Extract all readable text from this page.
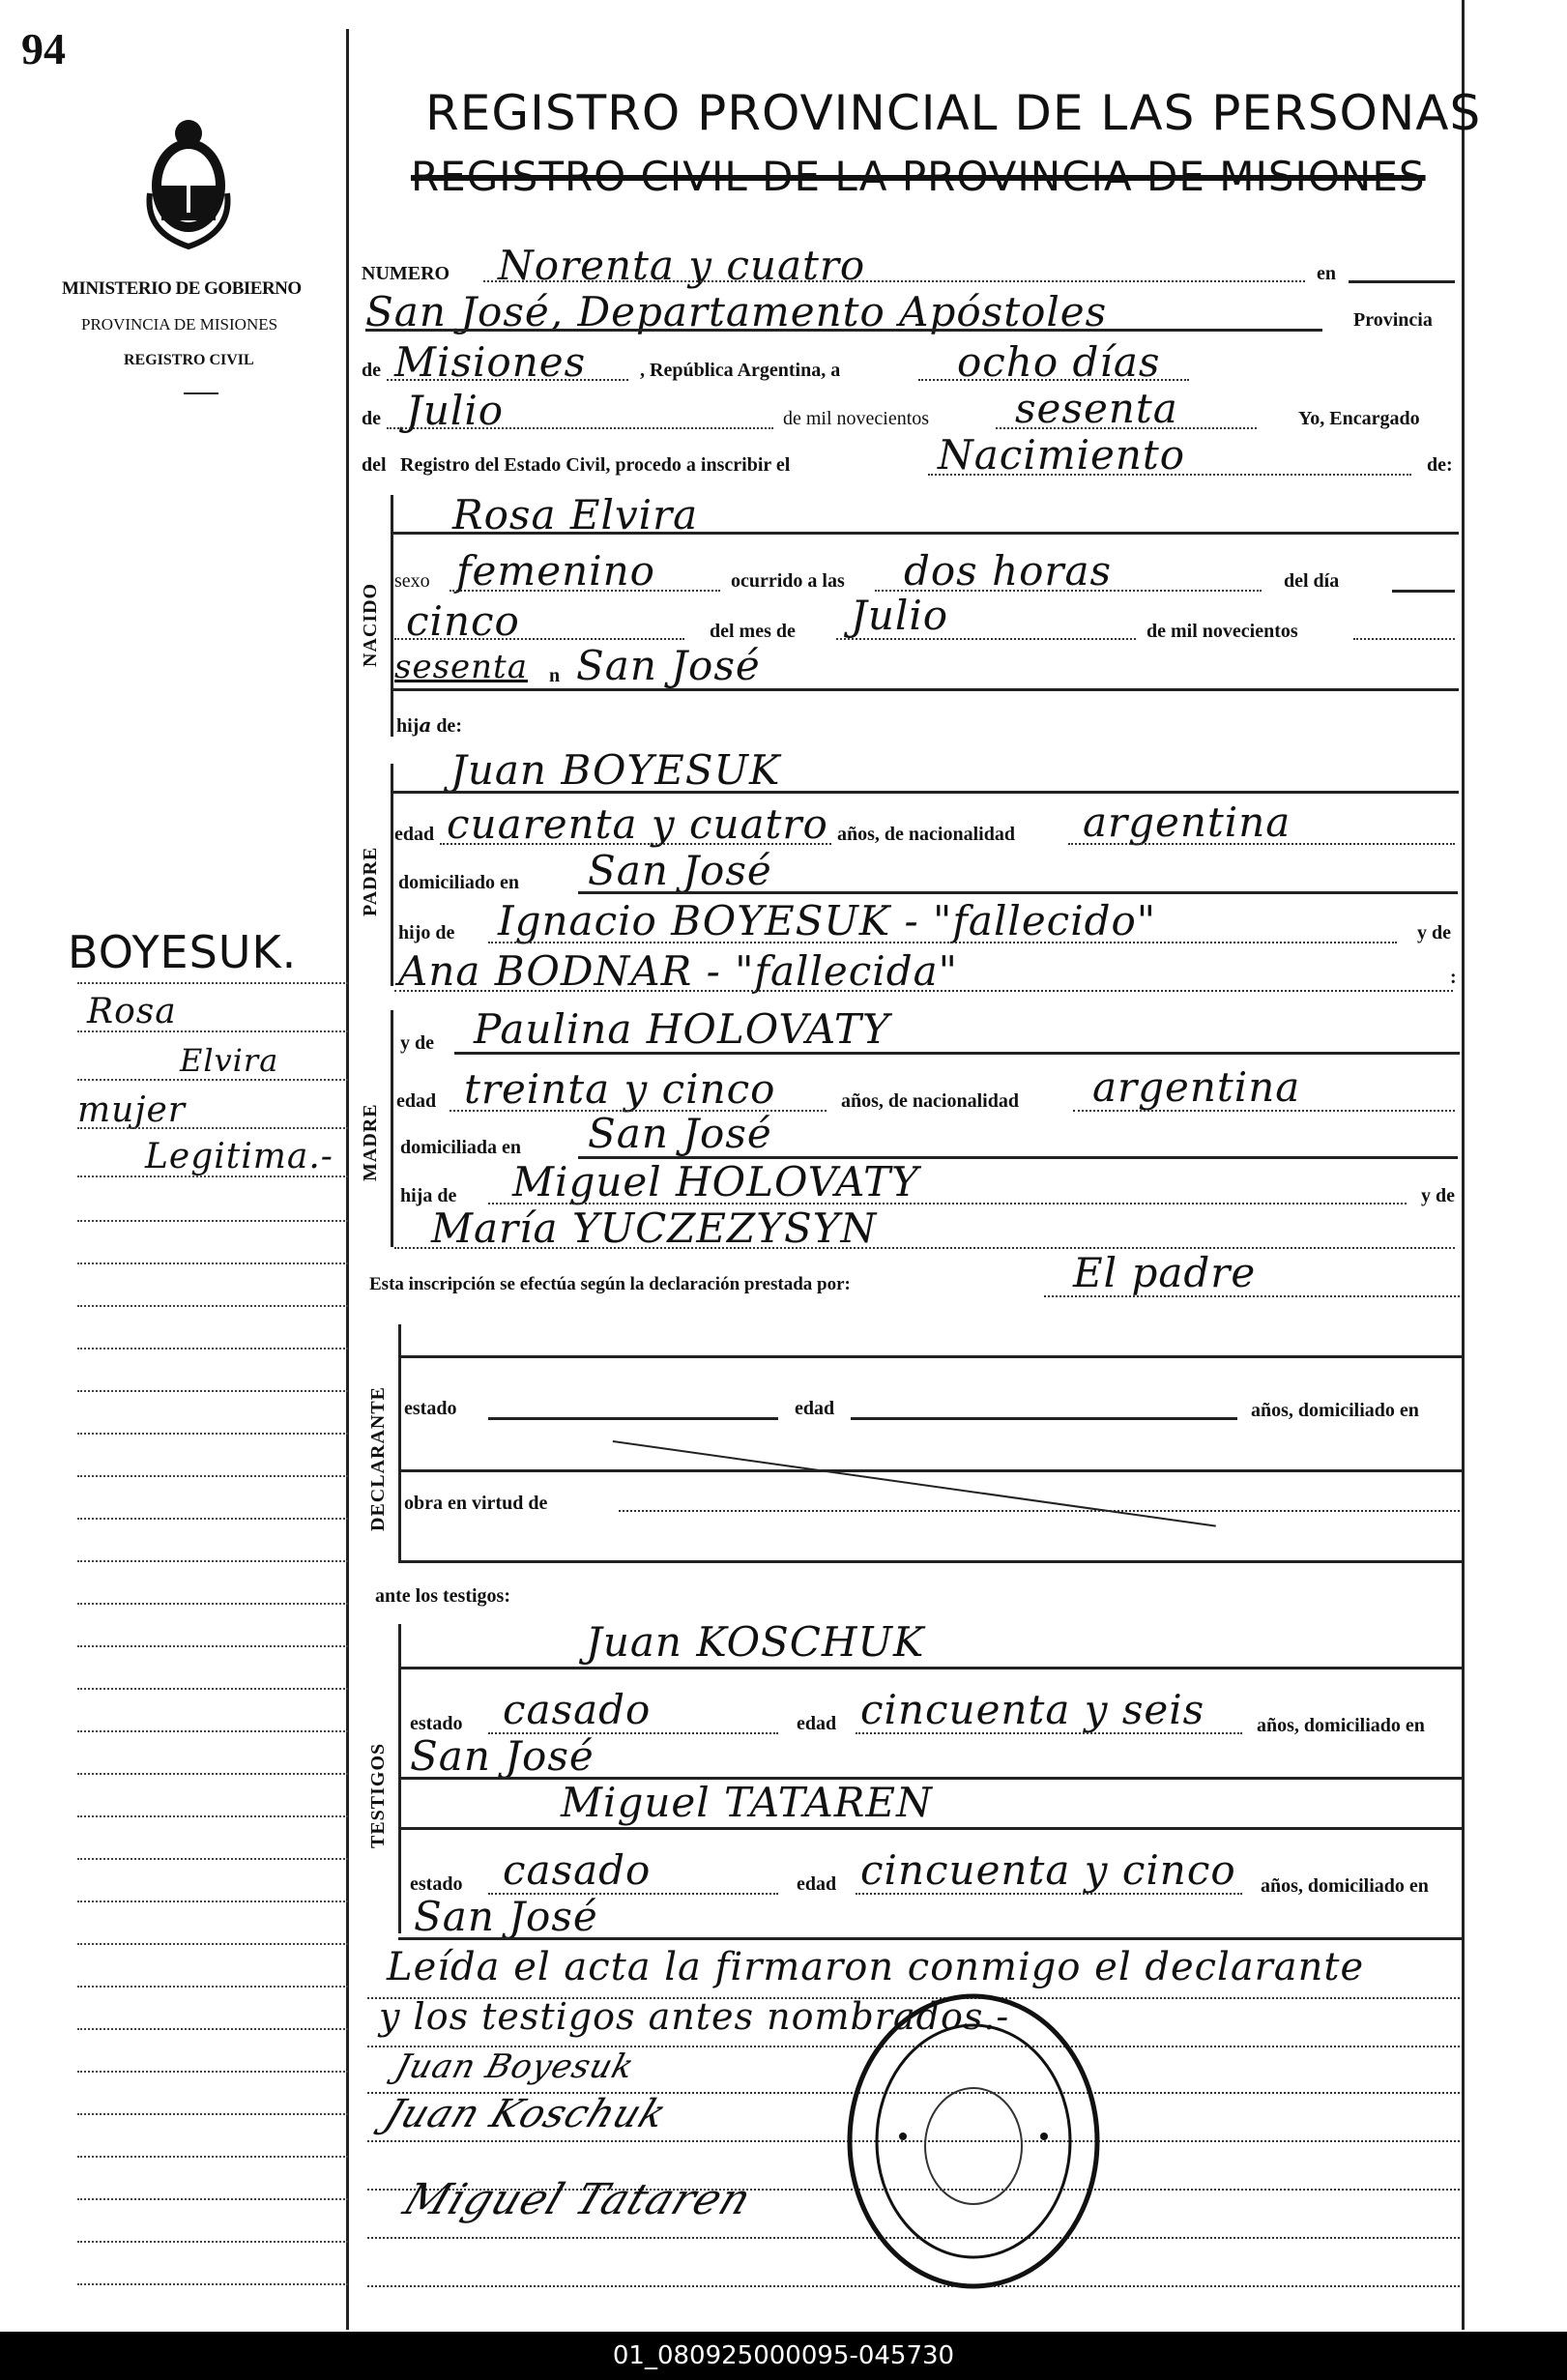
94
MINISTERIO DE GOBIERNO
PROVINCIA DE MISIONES
REGISTRO CIVIL
REGISTRO PROVINCIAL DE LAS PERSONAS
REGISTRO CIVIL DE LA PROVINCIA DE MISIONES
NUMERO Norenta y cuatro	en
San José, Departamento Apóstoles	Provincia
de Misiones	, República Argentina, a	ocho días
de Julio	de mil novecientos sesenta	Yo, Encargado
del Registro del Estado Civil, procedo a inscribir el	Nacimiento	de:
NACIDO
Rosa Elvira
sexo femenino	ocurrido a las dos horas	del día
cinco	del mes de Julio	de mil novecientos
sesenta n San José
hija de:
PADRE
Juan BOYESUK
edad cuarenta y cuatro años, de nacionalidad argentina
domiciliado en San José
hijo de Ignacio BOYESUK - "fallecido"	y de
Ana BODNAR - "fallecida"	:
MADRE
y de Paulina HOLOVATY
edad treinta y cinco	años, de nacionalidad argentina
domiciliada en San José
hija de Miguel HOLOVATY	y de
María YUCZEZYSYN
Esta inscripción se efectúa según la declaración prestada por:	El padre
DECLARANTE estado	edad	años, domiciliado en
obra en virtud de
ante los testigos:
TESTIGOS
Juan KOSCHUK
estado casado	edad cincuenta y seis	años, domiciliado en
San José
Miguel TATAREN
estado casado	edad cincuenta y cinco años, domiciliado en
San José
Leída el acta la firmaron conmigo el declarante
y los testigos antes nombrados.-
Juan Boyesuk
Juan Koschuk
Miguel Tataren
BOYESUK.
Rosa
Elvira
mujer
Legitima.-
01_080925000095-045730
